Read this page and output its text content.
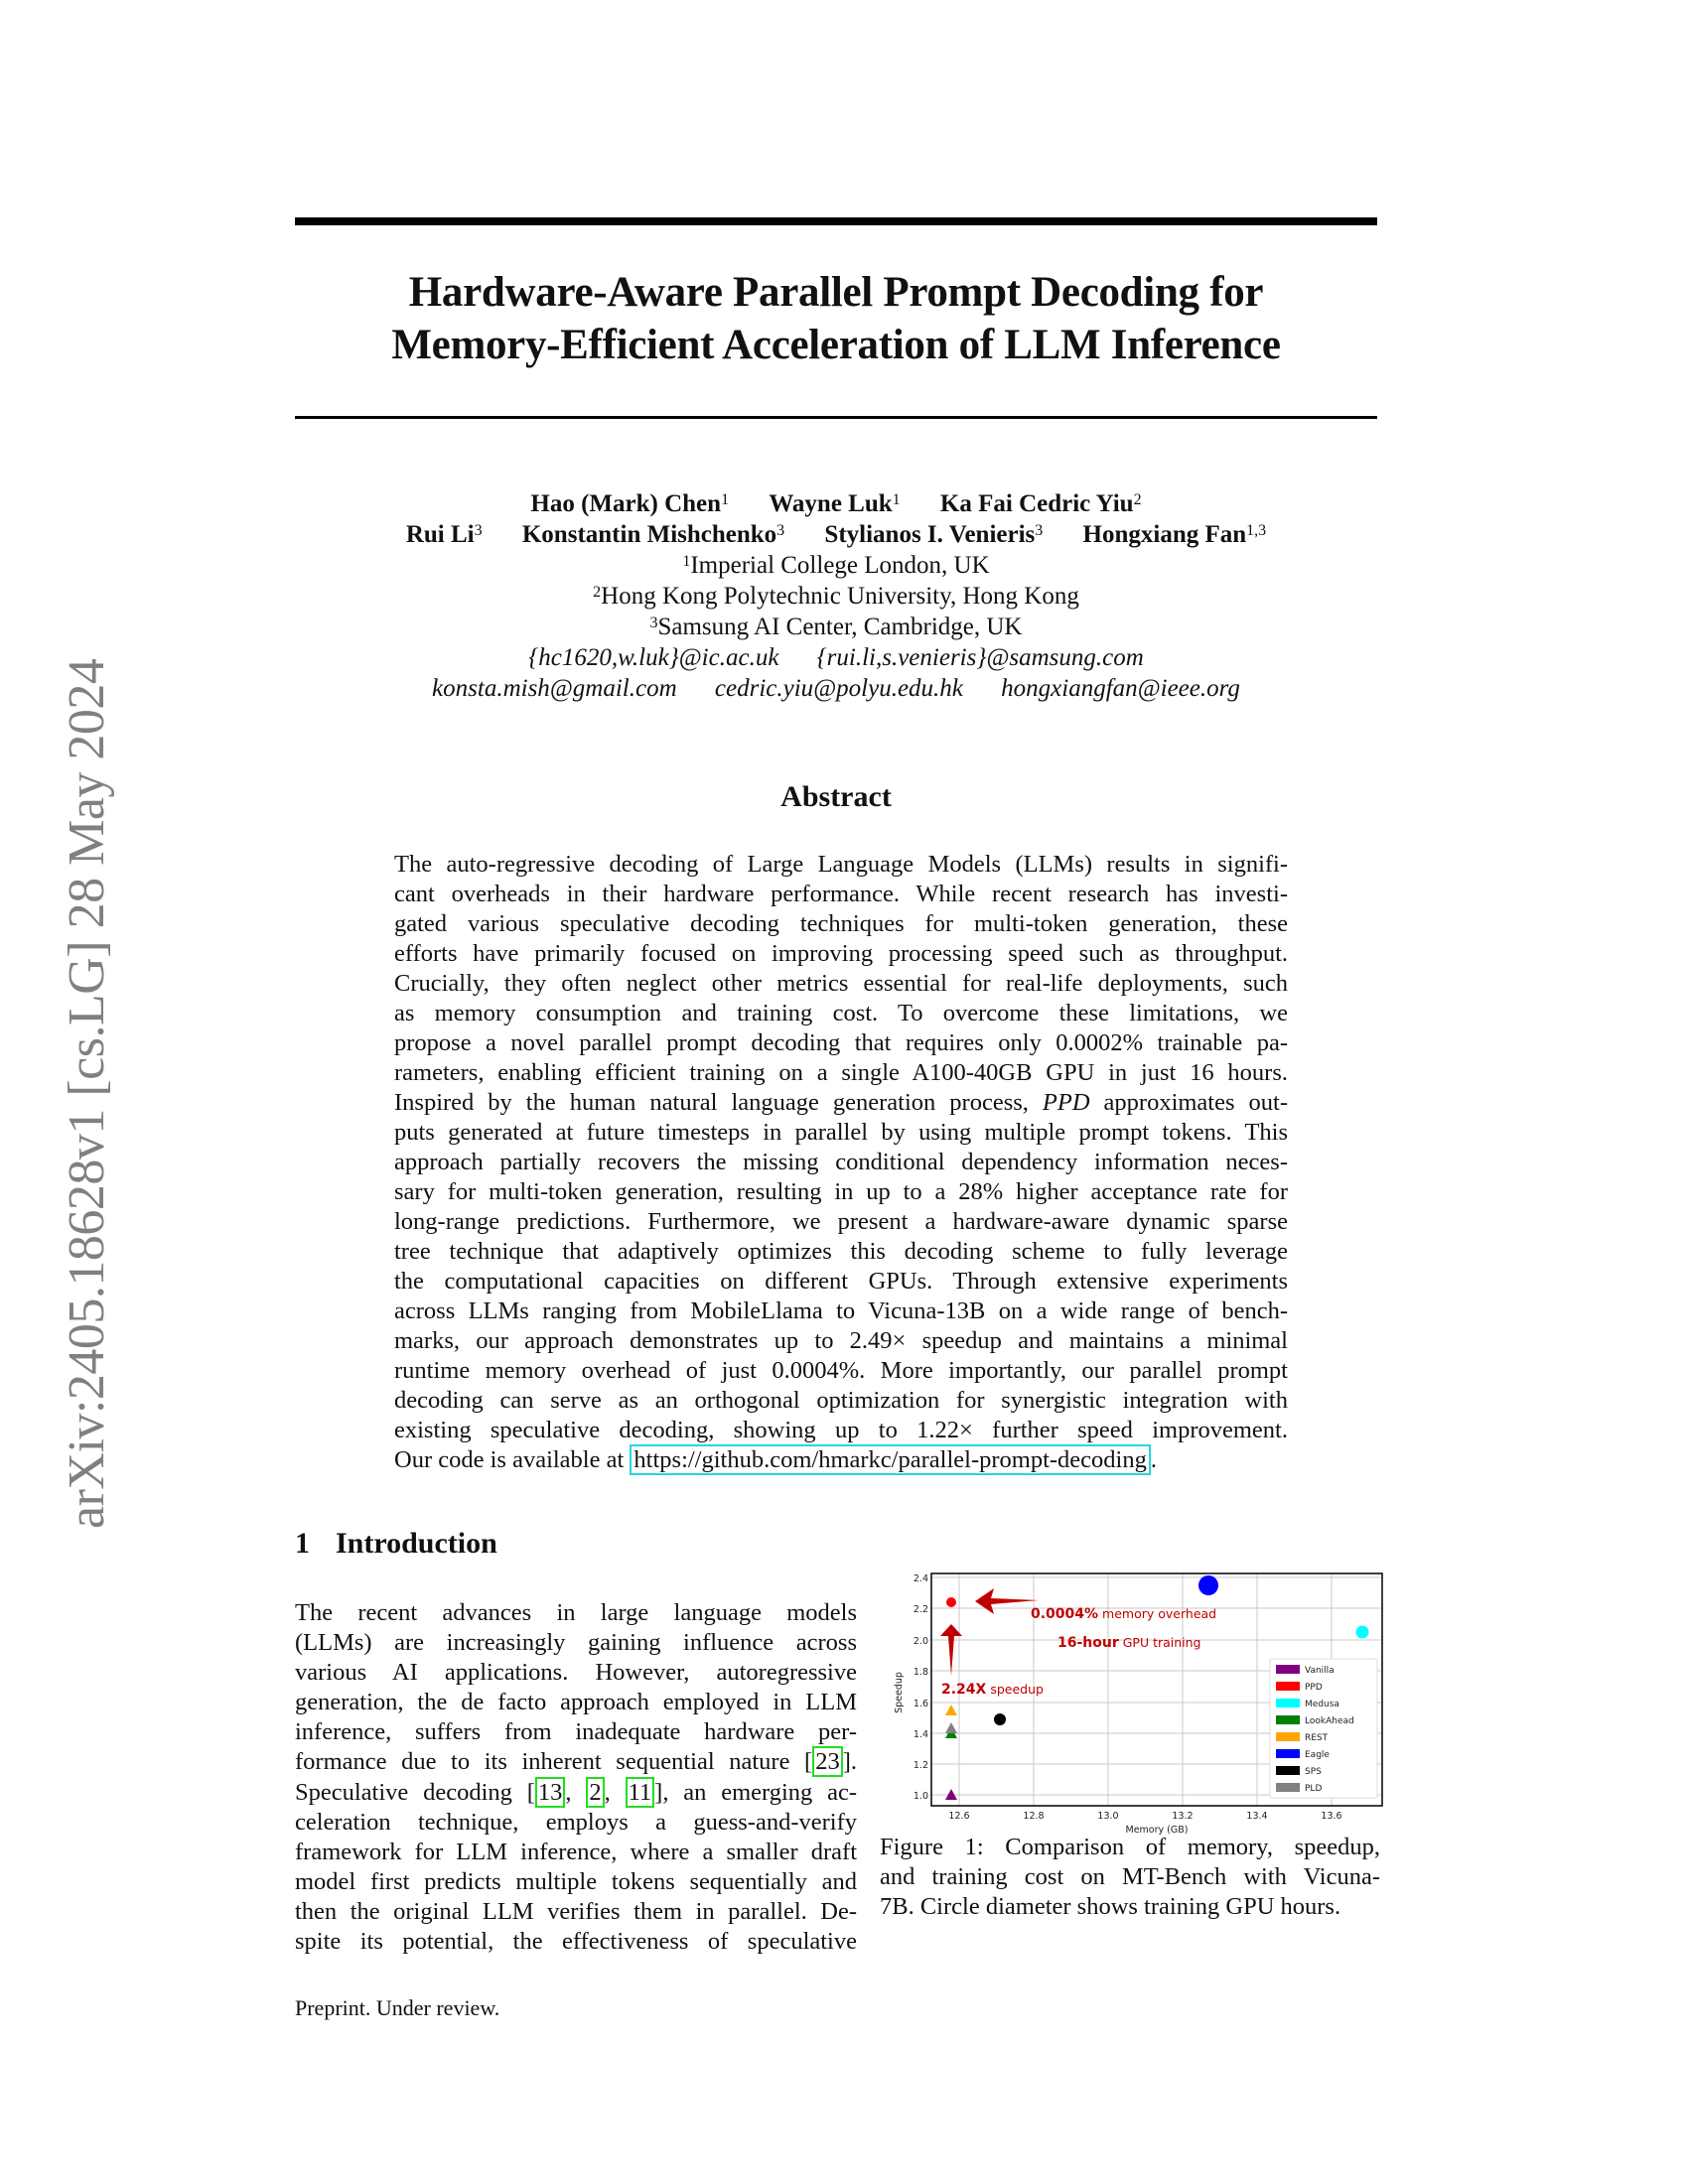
arXiv:2405.18628v1 [cs.LG] 28 May 2024
Hardware-Aware Parallel Prompt Decoding for
Memory-Efficient Acceleration of LLM Inference
Hao (Mark) Chen$^1$ Wayne Luk$^1$ Ka Fai Cedric Yiu$^2$
Rui Li$^3$ Konstantin Mishchenko$^3$ Stylianos I. Venieris$^3$ Hongxiang Fan$^{1,3}$
$^1$Imperial College London, UK
$^2$Hong Kong Polytechnic University, Hong Kong
$^3$Samsung AI Center, Cambridge, UK
{hc1620,w.luk}@ic.ac.uk {rui.li,s.venieris}@samsung.com
konsta.mish@gmail.com cedric.yiu@polyu.edu.hk hongxiangfan@ieee.org
Abstract
The auto-regressive decoding of Large Language Models (LLMs) results in signifi-
cant overheads in their hardware performance. While recent research has investi-
gated various speculative decoding techniques for multi-token generation, these
efforts have primarily focused on improving processing speed such as throughput.
Crucially, they often neglect other metrics essential for real-life deployments, such
as memory consumption and training cost. To overcome these limitations, we
propose a novel parallel prompt decoding that requires only 0.0002% trainable pa-
rameters, enabling efficient training on a single A100-40GB GPU in just 16 hours.
Inspired by the human natural language generation process, PPD approximates out-
puts generated at future timesteps in parallel by using multiple prompt tokens. This
approach partially recovers the missing conditional dependency information neces-
sary for multi-token generation, resulting in up to a 28% higher acceptance rate for
long-range predictions. Furthermore, we present a hardware-aware dynamic sparse
tree technique that adaptively optimizes this decoding scheme to fully leverage
the computational capacities on different GPUs. Through extensive experiments
across LLMs ranging from MobileLlama to Vicuna-13B on a wide range of bench-
marks, our approach demonstrates up to 2.49× speedup and maintains a minimal
runtime memory overhead of just 0.0004%. More importantly, our parallel prompt
decoding can serve as an orthogonal optimization for synergistic integration with
existing speculative decoding, showing up to 1.22× further speed improvement.
Our code is available at https://github.com/hmarkc/parallel-prompt-decoding .
1 Introduction
The recent advances in large language models
(LLMs) are increasingly gaining influence across
various AI applications. However, autoregressive
generation, the de facto approach employed in LLM
inference, suffers from inadequate hardware per-
formance due to its inherent sequential nature [ 23 ].
Speculative decoding [ 13 , 2 , 11 ], an emerging ac-
celeration technique, employs a guess-and-verify
framework for LLM inference, where a smaller draft
model first predicts multiple tokens sequentially and
then the original LLM verifies them in parallel. De-
spite its potential, the effectiveness of speculative
1.0
1.2
1.4
1.6
1.8
2.0
2.2
2.4
12.6	12.8	13.0	13.2	13.4	13.6
Memory (GB)
Speedup
0.0004% memory overhead
16-hour GPU training
2.24X speedup
Vanilla
PPD
Medusa
LookAhead
REST
Eagle
SPS
PLD
Figure 1: Comparison of memory, speedup,
and training cost on MT-Bench with Vicuna-
7B. Circle diameter shows training GPU hours.
Preprint. Under review.
